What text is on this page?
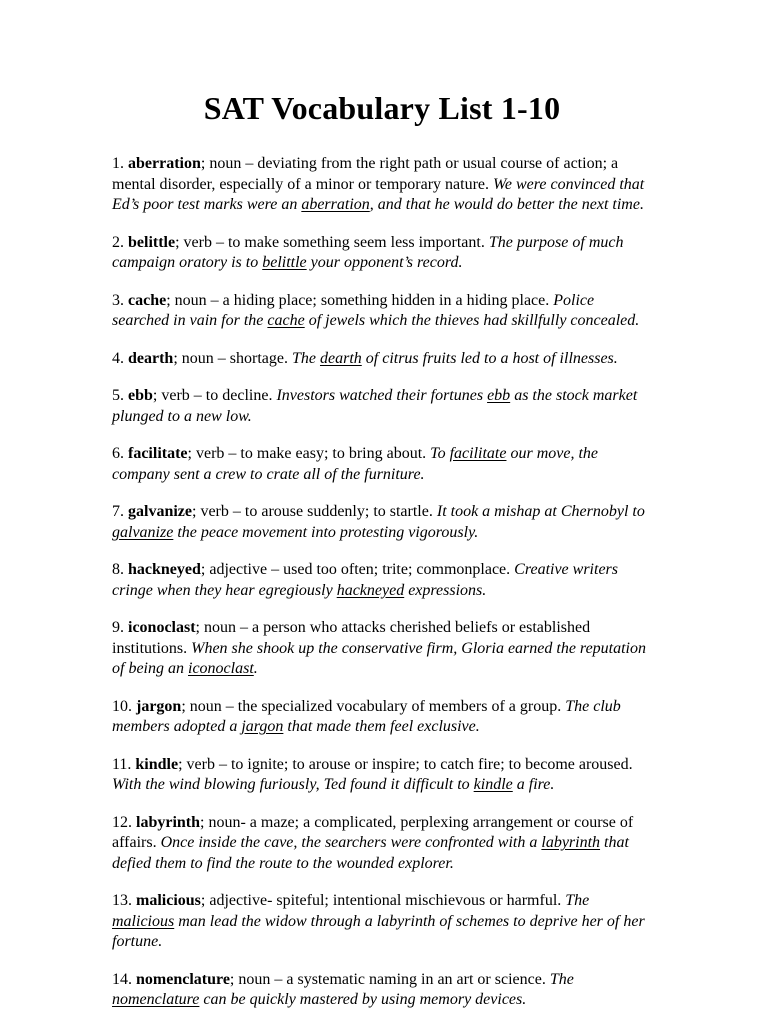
SAT Vocabulary List 1-10

1. aberration; noun – deviating from the right path or usual course of action; a mental disorder, especially of a minor or temporary nature. We were convinced that Ed’s poor test marks were an aberration, and that he would do better the next time.

2. belittle; verb – to make something seem less important. The purpose of much campaign oratory is to belittle your opponent’s record.

3. cache; noun – a hiding place; something hidden in a hiding place. Police searched in vain for the cache of jewels which the thieves had skillfully concealed.

4. dearth; noun – shortage. The dearth of citrus fruits led to a host of illnesses.

5. ebb; verb – to decline. Investors watched their fortunes ebb as the stock market plunged to a new low.

6. facilitate; verb – to make easy; to bring about. To facilitate our move, the company sent a crew to crate all of the furniture.

7. galvanize; verb – to arouse suddenly; to startle. It took a mishap at Chernobyl to galvanize the peace movement into protesting vigorously.

8. hackneyed; adjective – used too often; trite; commonplace. Creative writers cringe when they hear egregiously hackneyed expressions.

9. iconoclast; noun – a person who attacks cherished beliefs or established institutions. When she shook up the conservative firm, Gloria earned the reputation of being an iconoclast.

10. jargon; noun – the specialized vocabulary of members of a group. The club members adopted a jargon that made them feel exclusive.

11. kindle; verb – to ignite; to arouse or inspire; to catch fire; to become aroused. With the wind blowing furiously, Ted found it difficult to kindle a fire.

12. labyrinth; noun- a maze; a complicated, perplexing arrangement or course of affairs. Once inside the cave, the searchers were confronted with a labyrinth that defied them to find the route to the wounded explorer.

13. malicious; adjective- spiteful; intentional mischievous or harmful. The malicious man lead the widow through a labyrinth of schemes to deprive her of her fortune.

14. nomenclature; noun – a systematic naming in an art or science. The nomenclature can be quickly mastered by using memory devices.
